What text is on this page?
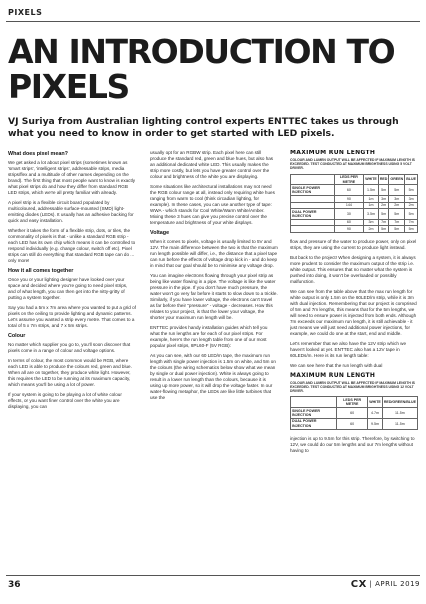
PIXELS
AN INTRODUCTION TO PIXELS

VJ Suriya from Australian lighting control experts ENTTEC takes us through what you need to know in order to get started with LED pixels.

What does pixel mean?

We get asked a lot about pixel strips (sometimes known as 'smart strips', 'intelligent strips', addressable strips, media strips/flex and a multitude of other names depending on the brand). The first thing that most people want to know is exactly what pixel strips do and how they differ from standard RGB LED strips, which we're all pretty familiar with already.

A pixel strip is a flexible circuit board populated by multicoloured, addressable surface-mounted (SMD) light-emitting diodes (LEDs). It usually has an adhesive backing for quick and easy installation.

Whether it takes the form of a flexible strip, dots, or tiles, the commonality of pixels is that - unlike a standard RGB strip - each LED has its own chip which means it can be controlled to respond individually (e.g. change colour, switch off etc). Pixel strips can still do everything that standard RGB tape can do ... only more!

How it all comes together

Once you or your lighting designer have looked over your space and decided where you're going to need pixel strips, and of what length, you can then get into the nitty-gritty of putting a system together.

Say you had a 5m x 7m area where you wanted to put a grid of pixels on the ceiling to provide lighting and dynamic patterns. Let's assume you wanted a strip every metre. That comes to a total of 5 x 7m strips, and 7 x 5m strips.

Colour

No matter which supplier you go to, you'll soon discover that pixels come in a range of colour and voltage options.

In terms of colour, the most common would be RGB, where each LED is able to produce the colours red, green and blue. When all are on together, they produce white light. However, this requires the LED to be running at its maximum capacity, which means you'll be using a lot of power.

If your system is going to be playing a lot of white colour effects, or you want finer control over the white you are displaying, you can

usually opt for an RGBW strip. Each pixel here can still produce the standard red, green and blue hues, but also has an additional dedicated white LED. This usually makes the strip more costly, but lets you have greater control over the colour and brightness of the white you are displaying.

Some situations like architectural installations may not need the RGB colour range at all, instead only requiring white hues ranging from warm to cool (think circadian lighting, for example). In these cases, you can use another type of tape: WWA - which stands for Cool White/Warm White/Amber. Mixing these 3 hues can give you precise control over the temperature and brightness of your white displays.

Voltage

When it comes to pixels, voltage is usually limited to 5V and 12V. The main difference between the two is that the maximum run length possible will differ, i.e., the distance that a pixel tape can run before the effects of voltage drop kick in - and do keep in mind that our goal should be to minimise any voltage drop.

You can imagine electrons flowing through your pixel strip as being like water flowing in a pipe. The voltage is like the water pressure in the pipe. If you don't have much pressure, the water won't go very far before it starts to slow down to a trickle. Similarly, if you have lower voltage, the electrons can't travel as far before their "pressure" - voltage - decreases. How this relates to your project, is that the lower your voltage, the shorter your maximum run length will be.

ENTTEC provides handy installation guides which tell you what the run lengths are for each of our pixel strips. For example, here's the run length table from one of our most popular pixel strips, 8PL60-F (5V RGB):

As you can see, with our 60 LED/m tape, the maximum run length with single power injection is 1.5m on white, and 5m on the colours (the wiring schematics below show what we mean by single or dual power injection). White is always going to result in a lower run length than the colours, because it is using up more power, so it will drop the voltage faster. In our water-flowing metaphor, the LEDs are like little turbines that use the

MAXIMUM RUN LENGTH
COLOUR AND LUMEN OUTPUT WILL BE AFFECTED IF MAXIMUM LENGTH IS EXCEEDED. TEST CONDUCTED AT MAXIMUM BRIGHTNESS USING 5 VOLT DRIVER.
	LEDS PER METRE	WHITE	RED	GREEN	BLUE
SINGLE POWER INJECTION	60	1.5m	5m	5m	5m
	90	1m	3m	3m	3m
	144	1m	2m	2m	2m
DUAL POWER INJECTION	30	3.5m	5m	5m	5m
	60	3m	7m	7m	7m
	90	2m	5m	5m	5m

flow and pressure of the water to produce power, only on pixel strips, they are using the current to produce light instead.

But back to the project! When designing a system, it is always more prudent to consider the maximum output of the strip i.e. white output. This ensures that no matter what the system is pushed into doing, it won't be overloaded or possibly malfunction.

We can see from the table above that the max run length for white output is only 1.5m on the 60LED/m strip, while it is 3m with dual injection. Remembering that our project is comprised of 5m and 7m lengths, this means that for the 5m lengths, we will need to ensure power is injected from both ends. Although 7m exceeds our maximum run length, it is still achievable - it just means we will just need additional power injections, for example, we could do one at the start, end and middle.

Let's remember that we also have the 12V strip which we haven't looked at yet. ENTTEC also has a 12V tape in 60LEDs/m. Here is its run length table:

We can see here that the run length with dual

MAXIMUM RUN LENGTH
COLOUR AND LUMEN OUTPUT WILL BE AFFECTED IF MAXIMUM LENGTH IS EXCEEDED. TEST CONDUCTED AT MAXIMUM BRIGHTNESS USING 12 VOLT DRIVER.
	LEDS PER METRE	WHITE	RED/GREEN/BLUE
SINGLE POWER INJECTION	60	4.7m	11.5m
DUAL POWER INJECTION	60	9.5m	11.5m

injection is up to 9.5m for this strip. Therefore, by switching to 12V, we could do our 5m lengths and our 7m lengths without having to

36	CX | APRIL 2019
